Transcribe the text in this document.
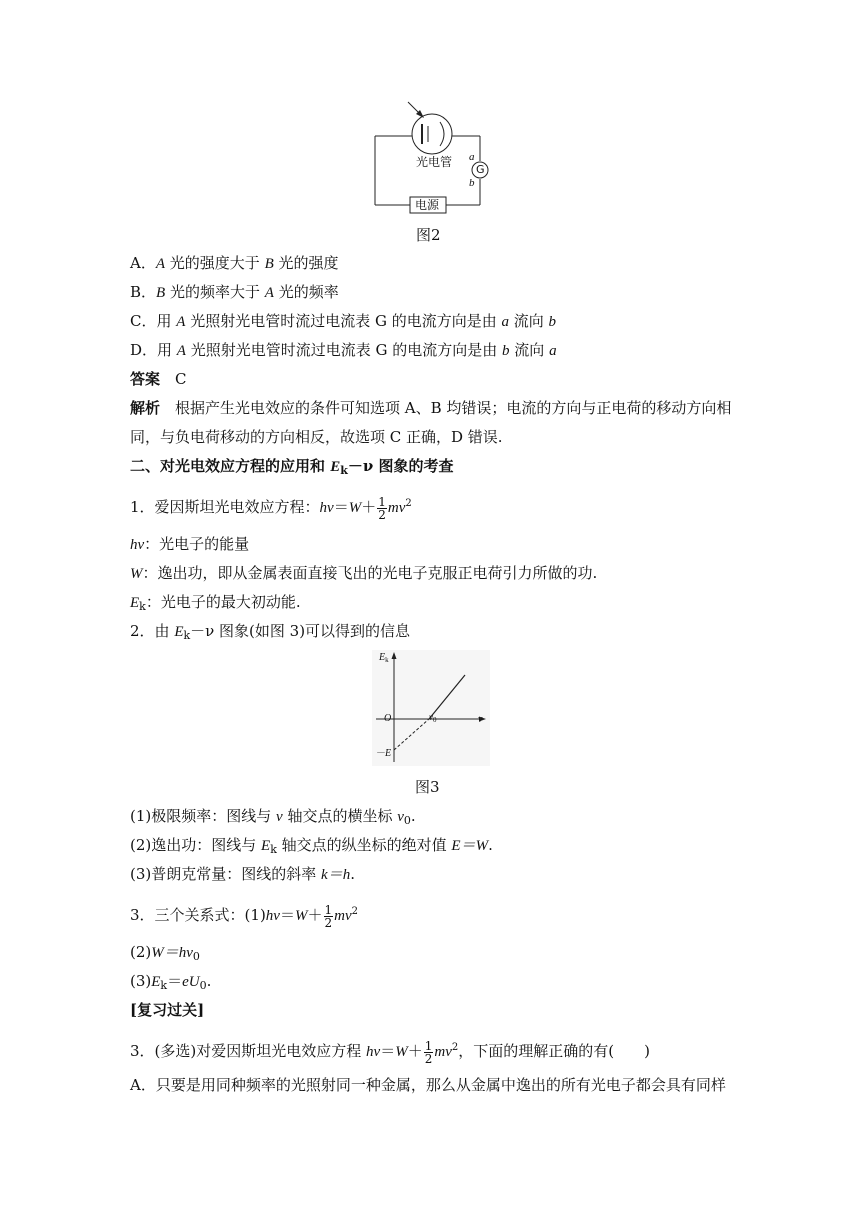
光电管
G
a
b
电源
图2
A．A 光的强度大于 B 光的强度
B．B 光的频率大于 A 光的频率
C．用 A 光照射光电管时流过电流表 G 的电流方向是由 a 流向 b
D．用 A 光照射光电管时流过电流表 G 的电流方向是由 b 流向 a
答案　 C
解析　 根据产生光电效应的条件可知选项 A、B 均错误；电流的方向与正电荷的移动方向相
同，与负电荷移动的方向相反，故选项 C 正确，D 错误.
二、对光电效应方程的应用和 $E_k-\nu$ 图象的考查
1．爱因斯坦光电效应方程：$h\nu=W+ \frac{1}{2} m\nu^2$
hν：光电子的能量
W：逸出功，即从金属表面直接飞出的光电子克服正电荷引力所做的功.
$E_k$：光电子的最大初动能.
2．由 $E_k-\nu$ 图象(如图 3)可以得到的信息
$E_k$
ν
O	$\nu_0$
－E
图3
(1)极限频率：图线与 ν 轴交点的横坐标 $\nu_0$.
(2)逸出功：图线与 $E_k$ 轴交点的纵坐标的绝对值 E＝W.
(3)普朗克常量：图线的斜率 k＝h.
3．三个关系式：$(1)h\nu=W+ \frac{1}{2} m\nu^2$
$(2)W=h\nu_0$
$(3)E_k=eU_0$.
[复习过关]
3．(多选)对爱因斯坦光电效应方程 $h\nu=W+ \frac{1}{2} m\nu^2$，下面的理解正确的有(　　)
A．只要是用同种频率的光照射同一种金属，那么从金属中逸出的所有光电子都会具有同样
